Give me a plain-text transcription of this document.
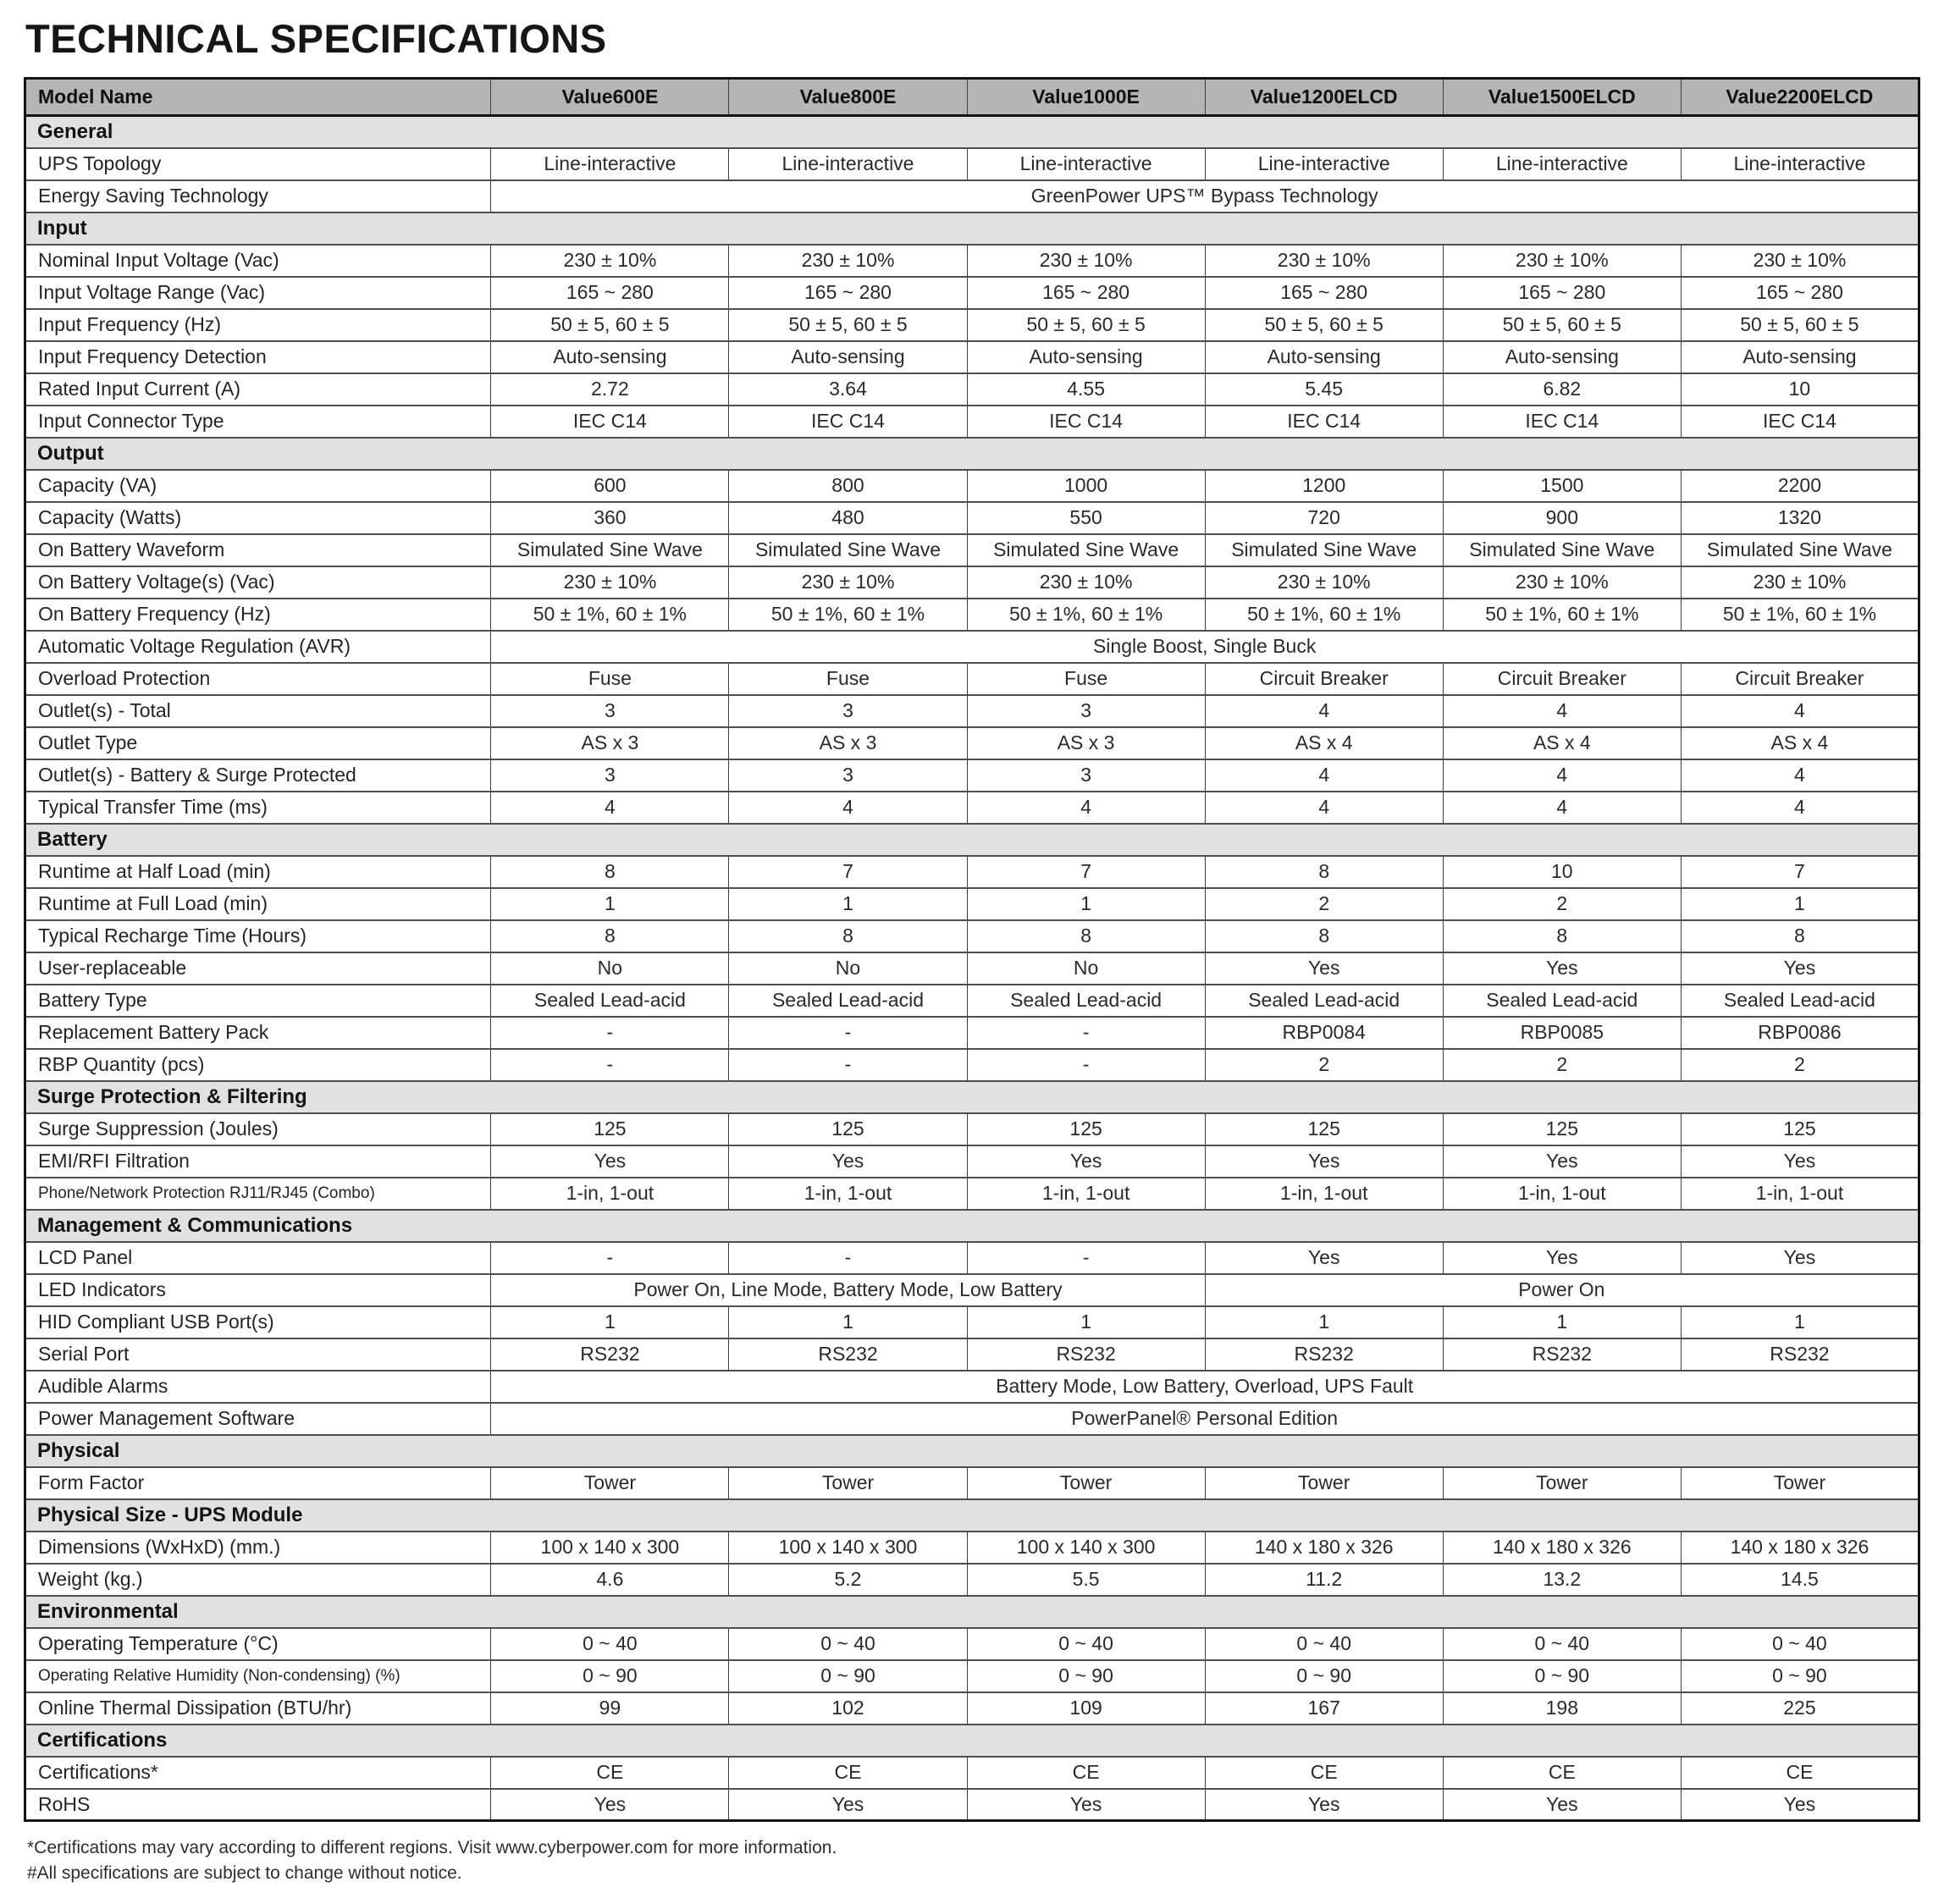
TECHNICAL SPECIFICATIONS
Model Name	Value600E	Value800E	Value1000E	Value1200ELCD	Value1500ELCD	Value2200ELCD
General						
UPS Topology	Line-interactive	Line-interactive	Line-interactive	Line-interactive	Line-interactive	Line-interactive
Energy Saving Technology	GreenPower UPS™ Bypass Technology					
Input						
Nominal Input Voltage (Vac)	230 ± 10%	230 ± 10%	230 ± 10%	230 ± 10%	230 ± 10%	230 ± 10%
Input Voltage Range (Vac)	165 ~ 280	165 ~ 280	165 ~ 280	165 ~ 280	165 ~ 280	165 ~ 280
Input Frequency (Hz)	50 ± 5, 60 ± 5	50 ± 5, 60 ± 5	50 ± 5, 60 ± 5	50 ± 5, 60 ± 5	50 ± 5, 60 ± 5	50 ± 5, 60 ± 5
Input Frequency Detection	Auto-sensing	Auto-sensing	Auto-sensing	Auto-sensing	Auto-sensing	Auto-sensing
Rated Input Current (A)	2.72	3.64	4.55	5.45	6.82	10
Input Connector Type	IEC C14	IEC C14	IEC C14	IEC C14	IEC C14	IEC C14
Output						
Capacity (VA)	600	800	1000	1200	1500	2200
Capacity (Watts)	360	480	550	720	900	1320
On Battery Waveform	Simulated Sine Wave	Simulated Sine Wave	Simulated Sine Wave	Simulated Sine Wave	Simulated Sine Wave	Simulated Sine Wave
On Battery Voltage(s) (Vac)	230 ± 10%	230 ± 10%	230 ± 10%	230 ± 10%	230 ± 10%	230 ± 10%
On Battery Frequency (Hz)	50 ± 1%, 60 ± 1%	50 ± 1%, 60 ± 1%	50 ± 1%, 60 ± 1%	50 ± 1%, 60 ± 1%	50 ± 1%, 60 ± 1%	50 ± 1%, 60 ± 1%
Automatic Voltage Regulation (AVR)	Single Boost, Single Buck					
Overload Protection	Fuse	Fuse	Fuse	Circuit Breaker	Circuit Breaker	Circuit Breaker
Outlet(s) - Total	3	3	3	4	4	4
Outlet Type	AS x 3	AS x 3	AS x 3	AS x 4	AS x 4	AS x 4
Outlet(s) - Battery & Surge Protected	3	3	3	4	4	4
Typical Transfer Time (ms)	4	4	4	4	4	4
Battery						
Runtime at Half Load (min)	8	7	7	8	10	7
Runtime at Full Load (min)	1	1	1	2	2	1
Typical Recharge Time (Hours)	8	8	8	8	8	8
User-replaceable	No	No	No	Yes	Yes	Yes
Battery Type	Sealed Lead-acid	Sealed Lead-acid	Sealed Lead-acid	Sealed Lead-acid	Sealed Lead-acid	Sealed Lead-acid
Replacement Battery Pack	-	-	-	RBP0084	RBP0085	RBP0086
RBP Quantity (pcs)	-	-	-	2	2	2
Surge Protection & Filtering						
Surge Suppression (Joules)	125	125	125	125	125	125
EMI/RFI Filtration	Yes	Yes	Yes	Yes	Yes	Yes
Phone/Network Protection RJ11/RJ45 (Combo)	1-in, 1-out	1-in, 1-out	1-in, 1-out	1-in, 1-out	1-in, 1-out	1-in, 1-out
Management & Communications						
LCD Panel	-	-	-	Yes	Yes	Yes
LED Indicators	Power On, Line Mode, Battery Mode, Low Battery			Power On		
HID Compliant USB Port(s)	1	1	1	1	1	1
Serial Port	RS232	RS232	RS232	RS232	RS232	RS232
Audible Alarms	Battery Mode, Low Battery, Overload, UPS Fault					
Power Management Software	PowerPanel® Personal Edition					
Physical						
Form Factor	Tower	Tower	Tower	Tower	Tower	Tower
Physical Size - UPS Module						
Dimensions (WxHxD) (mm.)	100 x 140 x 300	100 x 140 x 300	100 x 140 x 300	140 x 180 x 326	140 x 180 x 326	140 x 180 x 326
Weight (kg.)	4.6	5.2	5.5	11.2	13.2	14.5
Environmental						
Operating Temperature (°C)	0 ~ 40	0 ~ 40	0 ~ 40	0 ~ 40	0 ~ 40	0 ~ 40
Operating Relative Humidity (Non-condensing) (%)	0 ~ 90	0 ~ 90	0 ~ 90	0 ~ 90	0 ~ 90	0 ~ 90
Online Thermal Dissipation (BTU/hr)	99	102	109	167	198	225
Certifications						
Certifications*	CE	CE	CE	CE	CE	CE
RoHS	Yes	Yes	Yes	Yes	Yes	Yes
*Certifications may vary according to different regions. Visit www.cyberpower.com for more information.
#All specifications are subject to change without notice.
